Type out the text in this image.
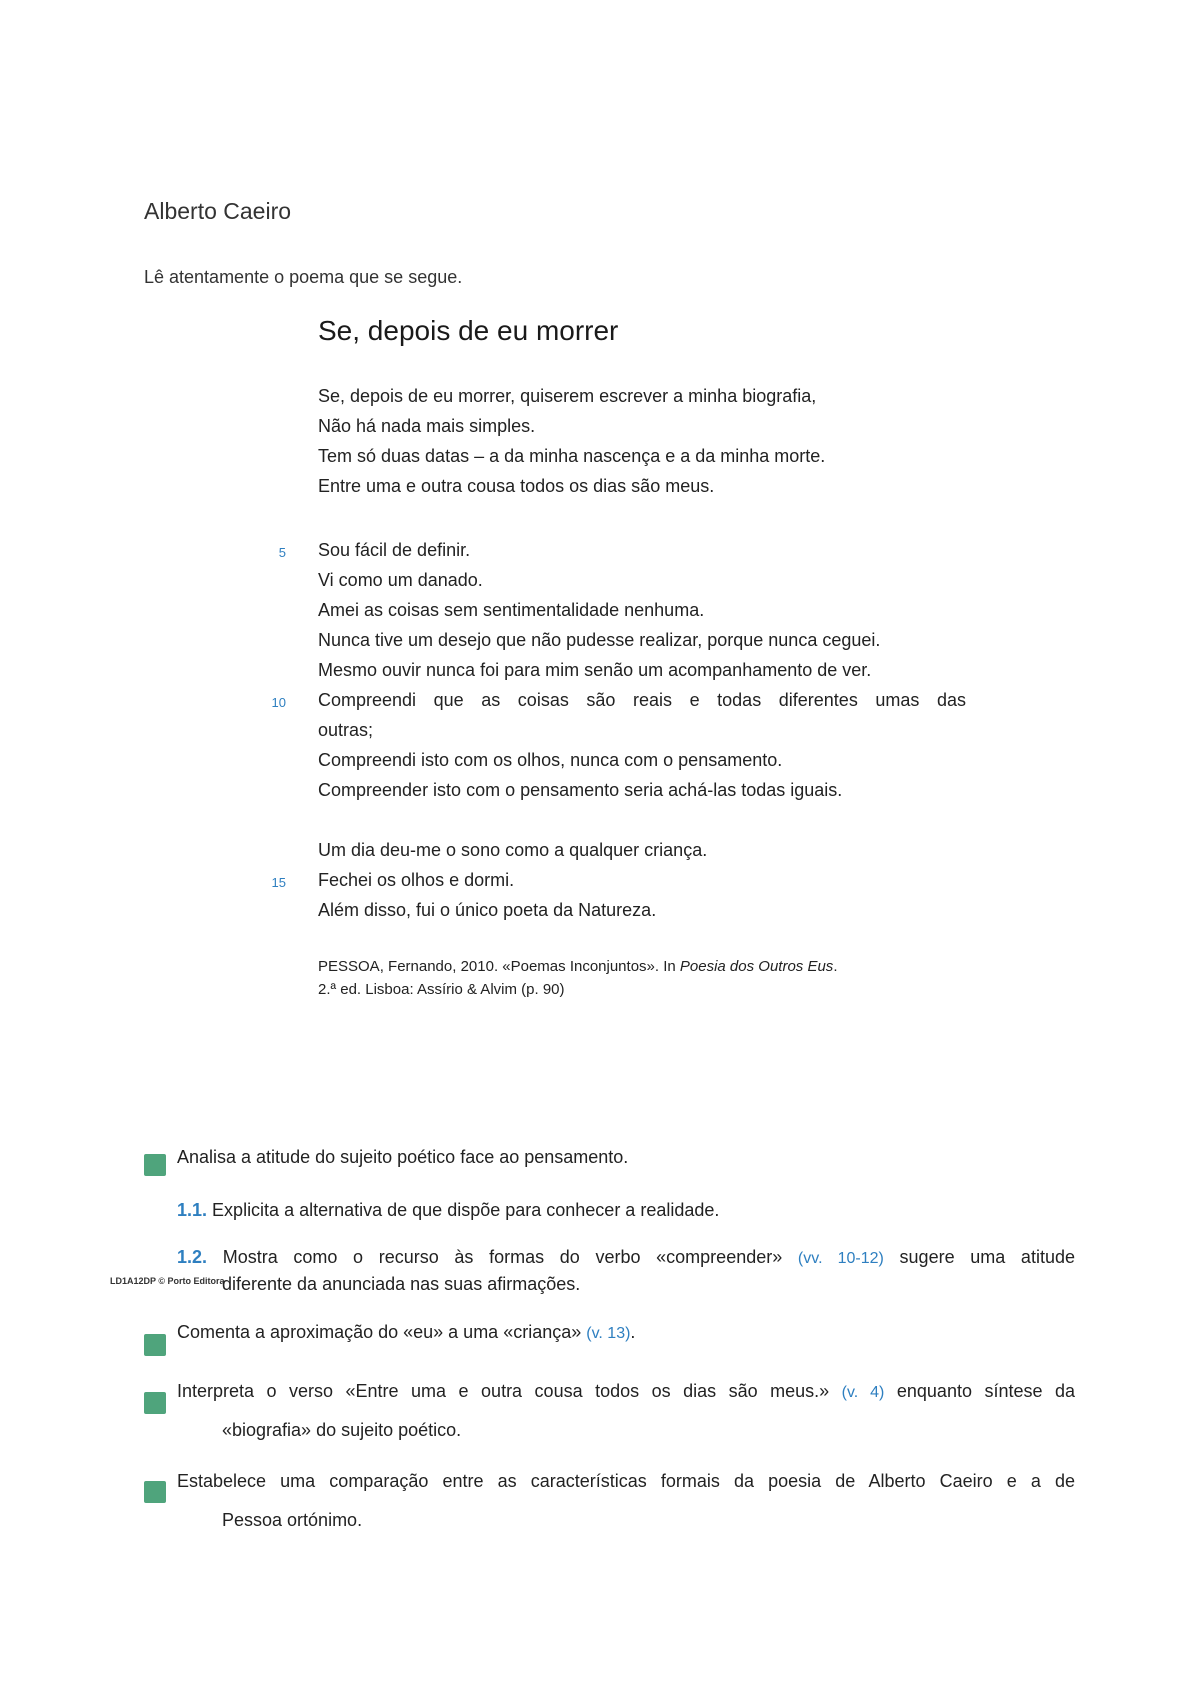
Alberto Caeiro
Lê atentamente o poema que se segue.
Se, depois de eu morrer
Se, depois de eu morrer, quiserem escrever a minha biografia,
Não há nada mais simples.
Tem só duas datas – a da minha nascença e a da minha morte.
Entre uma e outra cousa todos os dias são meus.
5 Sou fácil de definir.
Vi como um danado.
Amei as coisas sem sentimentalidade nenhuma.
Nunca tive um desejo que não pudesse realizar, porque nunca ceguei.
Mesmo ouvir nunca foi para mim senão um acompanhamento de ver.
10 Compreendi que as coisas são reais e todas diferentes umas das
outras;
Compreendi isto com os olhos, nunca com o pensamento.
Compreender isto com o pensamento seria achá-las todas iguais.
Um dia deu-me o sono como a qualquer criança.
15 Fechei os olhos e dormi.
Além disso, fui o único poeta da Natureza.
PESSOA, Fernando, 2010. «Poemas Inconjuntos». In Poesia dos Outros Eus.
2.ª ed. Lisboa: Assírio & Alvim (p. 90)
Analisa a atitude do sujeito poético face ao pensamento.
1.1. Explicita a alternativa de que dispõe para conhecer a realidade.
1.2. Mostra como o recurso às formas do verbo «compreender» (vv. 10-12) sugere uma atitude
LD1A12DP © Porto Editora
diferente da anunciada nas suas afirmações.
Comenta a aproximação do «eu» a uma «criança» (v. 13).
Interpreta o verso «Entre uma e outra cousa todos os dias são meus.» (v. 4) enquanto síntese da
«biografia» do sujeito poético.
Estabelece uma comparação entre as características formais da poesia de Alberto Caeiro e a de
Pessoa ortónimo.
